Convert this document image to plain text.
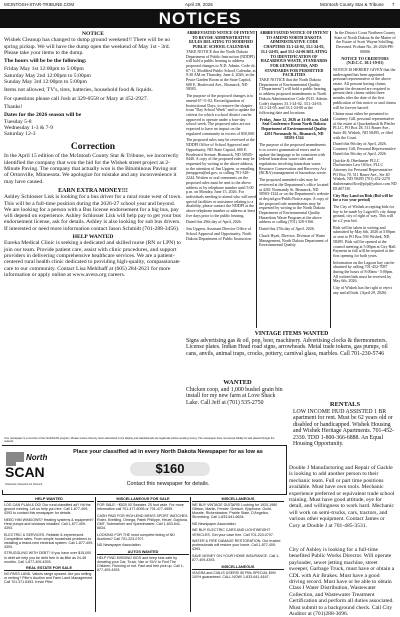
MCINTOSH-STAR-TRIBUNE.COM	April 29, 2026	McIntosh County Star & Tribune 7
NOTICES
NOTICE

Wishek Cleanup has changed to dump ground weekend!! There will be no spring pickup. We will have the dump open the weekend of May 1st - 3rd. Please take your items to the dump.

The hours will be be the following:

Friday May 1st 12:00pm to 5:00pm
Saturday May 2nd 12:00pm to 5:00pm

Sunday May 3rd 12:00pm to 5:00pm

Items not allowed, TV's, tires, batteries, household food & liquids.

For questions please call Josh at 329-0558 or Mary at 452-2927.

Thanks!

Dates for the 2026 season will be
Tuesday 5-8
Wednesday 1-3 & 7-9

Saturday 12-3

Correction

In the April 15 edition of the McIntosh County Star & Tribune, we incorrectly identified the company that won the bid for the Wishek street project as 2-Minute Paving. The company that actually won is the Bituminous Paving out of Ortonville, Minnesota. We apologize for mistake and any inconvenience it may have caused.

EARN EXTRA MONEY!!!

Ashley Schlosser Lisk is looking for a bus driver for a rural route west of town. This will be a full-time position during the 2026-27 school year and beyond. We are looking for a person with a Bus license endorsement for a big bus, pay will depend on experience. Ashley Schlosser Lisk will help pay to get your bus endorsement license, ask for details. Ashley is also looking for sub bus drivers. If interested or need more information contact Jason Schmidt (701-288-3456).

HELP WANTED

Eureka Medical Clinic is seeking a dedicated and skilled nurse (RN or LPN) to join our team. Provide patient care, assist with clinic procedures, and support providers in delivering comprehensive healthcare services. We are a patient-centered rural health clinic dedicated to providing high-quality, compassionate care to our community. Contact Lisa Mehlhaff at (605) 284-2621 for more information or apply online at www.avera.org careers.

ABBREVIATED NOTICE OF INTENT TO REVISE ADMINISTRATIVE RULES RELATING TO MODIFIED PUBLIC SCHOOL CALENDAR

TAKE NOTICE that the North Dakota Department of Public Instruction (NDDPI) will hold a public hearing to address proposed changes to N.D. Admin. Code ch. 67-11, Modified Public School Calendar, at 9:30 AM on Thursday, June 4, 2026, in the Peace Garden Room at the State Capitol, 600 E. Boulevard Ave., Bismarck, ND 58505.

The purpose of the proposed changes is to amend 67-11-02, Reconfiguration of Instructional Days, to remove the chapter from "Day School Week" and to update the criteria for which a school district can be approved to operate under a four-day school week. The proposed rules are not expected to have an impact on the regulated community in excess of $50,000.

The proposed rules may be reviewed at the NDDPI Office of School Approval and Opportunity, ND State Capitol, 600 E. Boulevard Avenue, Bismarck, ND 58505-0440. A copy of the proposed rules may be requested by writing to the above address, to the attention of Jim Upgren, or emailing jimupgren@nd.gov, or calling 701-328-2244. Written or oral comments on the proposed rules must be sent to the above address or by telephone number until 5:00 p.m. on Monday, June 15, 2026. For individuals needing to attend who will need special facilities or assistance relating to a disability, please contact the NDDPI at the above telephone number or address at least five days prior to the public hearing.

Dated this 29th day of April, 2026.

Jim Upgren, Assistant Director Office of School Approval and Opportunity, North Dakota Department of Public Instruction

ABBREVIATED NOTICE OF INTENT TO AMEND NORTH DAKOTA ADMINISTRATIVE CODE CHAPTERS 33.1-24-02, 33.1-24-03, 33.1-24-05, and 33.1-24-06 RELATING TO IDENTIFICATION OF HAZARDOUS WASTE, STANDARDS FOR GENERATORS, AND STANDARDS FOR PERMITTED FACILITIES

TAKE NOTICE that the North Dakota Department of Environmental Quality ("Department") will hold a public hearing to address proposed amendments to North Dakota Administrative Code (N.D. Admin. Code) chapters 33.1-24-02, 33.1-24-03, 33.1-24-05, and 33.1-24-06 at the following date and locations:

Friday, June 12, 2026 at 11:00 a.m. Gold Seal Conference Room North Dakota Department of Environmental Quality 4201 Normandy St., Bismarck, ND 58503-1324

The purpose of the proposed amendments is to correct grammatical errors and to update the language to be consistent with federal hazardous waste rules and regulations involving hazardous waste. Resource Conservation and Recovery Act (RCRA) management of hazardous waste.

The proposed amended rules may be reviewed at the Department's office located at 4201 Normandy St. Bismarck, ND 58503-1324 or on the Department's website at deq.nd.gov/PublicNotice.aspx. A copy of the proposed rule amendments may be requested by writing to the North Dakota Department of Environmental Quality Hazardous Waste Program at the above address or calling (701) 328-5166.

Dated this 27th day of April, 2026.

Chuck Hyatt, Director, Division of Waste Management, North Dakota Department of Environmental Quality

In the District Court Northern County State of North Dakota In the Matter of the Estate of Scott Wayne Schilling, Deceased. Probate No. 26-2026-PR-00006

NOTICE TO CREDITORS (N.D.C.C. 30.1-19-01)

NOTICE IS HEREBY GIVEN that the undersigned has been appointed personal representative of the above estate. All persons having claims against the deceased are required to present their claims within three months after the date of the first publication of this notice or said claims will be forever barred.

Claims must either be presented to Courtney Gill, personal representative of the estate at Quackenbush & Pfeifer PLLC, PO Box 28, 511 Bauer Ave., Suite 40, Wishek, ND 58495, or filed with the Court.

Dated this 9th day of April, 2026. Courtney Gill, Personal Representative Dated this 9th day of April, 2026.

Quickie & Oberhamer PLLC Dachsteiner Law Office, PLLC Attorney for Personal Representative PO Box 70, 511 Bauer Ave., Ste 40 Wishek, ND 58495 (701) 452-2270 dashermanoffice@pfp@yahoo.com ND ID #07130

City Hay Land on Bids (Bid will be for a two year period)

The City of Wishek accepting bids for hay to be made by Lugwell's city dump ground, city of right of way. This will be a 2 year bid.

Bids will be taken in writing and submitted by May 6th, 2026 at 5:00pm or sent to PO Box 594 Wishek, ND 58495. Bids will be opened at the council meeting at 5:00pm at City Hall. Payment in full will be required at the first opening for both years.

Information on the Lagoon hay can be obtained by calling 701-452-7087 during the hours of 8:00am - 5:00pm. All written bids must be received by May 6th, 2026.

City of Wishek has the right to reject any and all bids. (April 29, 2026)

VINTAGE ITEMS WANTED

Signs advertising gas & oil, pop, beer, machinery. Advertising clocks & thermometers. License plates. Indian Head road signs, arrowheads. Metal trade tokens, gas pumps, oil cans, anvils, animal traps, crocks, pottery, carnival glass, marbles. Call 701-230-5746

WANTED

Chicken coop, and 1,000 bushel grain bin install for my new farm at Love Shack Lake. Call Jeff at (701) 535-2750	RENTALS

LOW INCOME HUD ASSISTED 1 BR apartment for rent. Must be 62 years old or disabled or handicapped. Wishek Housing and Wishek Heritage Apartments. 701-452-2330. TDD 1-800-366-6888. An Equal Housing Opportunity.

Your newspaper is a member of the NorthSCAN program. Please ensure that any items advertised in the display and classified ads are legitimate before sending money. The newspaper does not accept liability for ads placed through the network.
North
SCAN
Statewide Classified Ad Network
Place your classified ad in every North Dakota Newspaper for as low as
$160
Contact this newspaper for details.
Double J Manufacturing and Repair of Gackle is looking to add another person to their mechanic team. Full or part time positions available. Must have own tools. Mechanic experience preferred or equivalent trade school training. Must have good attitude, eye for detail, and willingness to work hard. Mechanic will work on semi-trucks, cars, tractors, and various other equipment. Contact James or Cory at Double J at 701-485-3531.
City of Ashley is looking for a full-time benefited Public Works Director. Will operate payloader, sewer jetting machine, street sweeper, Garbage Truck, must have or obtain a CDL with Air Brakes. Must have a good driving record. Must have or be able to obtain Class I Water Distribution, Wastewater Collection, and Wastewater Treatment Certification and perform all duties associated. Must submit to a background check. Call City Auditor at (701)288-3696.
HELP WANTED
LOG CAN PLAN & DO! Our rural classified ad? Hit the ground running. Let us help you hire. Call 1-877-409-4393 to contact this newspaper for details.
NEED HIM WINDOWS? Heating systems & equipment? Heat pumps and windows installed. Call 1-877-409-4393.
ELECTRIC & SERVICES. Reliable & experienced. Competitive rates. From simple household problems to installing a brand-new electrical system. Call 1-877-409-4393.
STRUGGLING WITH DEBT? If you have over $15,000 in debt we help you be debt free in as little as 24-48 months. Call 1-877-409-4393.
REAL ESTATE FOR SALE
NO PASS LAND. Values range upward. Are you selling or renting? Pifer's Auction and Farm Land Management. Call 701.371.6353. Kevin Pifer.
MISCELLANEOUS FOR SALE
FOR SALE: ~$520.00 Sweater. 25 foot wide. For more information call 701-477-6095 or 701-477-4555.
CASH PAID FOR HIGH-END MEN'S SPORT WATCHES. Rolex, Breitling, Omega, Patek Philippe, Heuer, Daytona, GMT, Submariner and Speedmaster. Call 1-833-641-6634.
LOOKING FOR THE most complete listing of ND Auctions? Call 701-223-0707.
ND Newspaper Association.
AUTOS WANTED
HELP FIND MISSING KIDS and keep kids safe by donating your Car, Truck, Van or SUV to Find The Children. Running or not. Fast and free pick up. Call 1-877-409-4393.
MISCELLANEOUS
WE BUY VINTAGE GUITARS! Looking for 1920-1980 Gibson, Martin, Fender, Gretsch, Epiphone, Guild, Mosrite, Rickenbacker, Prairie State, D'Angelico, Stromberg. Call 1-833-641-6634.
ND Newspaper Association.
WE BUY ELECTRIC CARS AND LIGHTWEIGHT VEHICLES. Get your case free. Call 701-223-0707.
WATER & FIRE DAMAGE RESTORATION. Our trusted professionals will restore your home. Call 1-877-409-4393.
SAVE MONEY ON YOUR HOME INSURANCE. Call 1-877-409-4393.
MISCELLANEOUS
VIAGRA and CIALIS USERS! 50 Pills SPECIAL $99! 100% guaranteed. CALL NOW! 1-833-641-6167.
